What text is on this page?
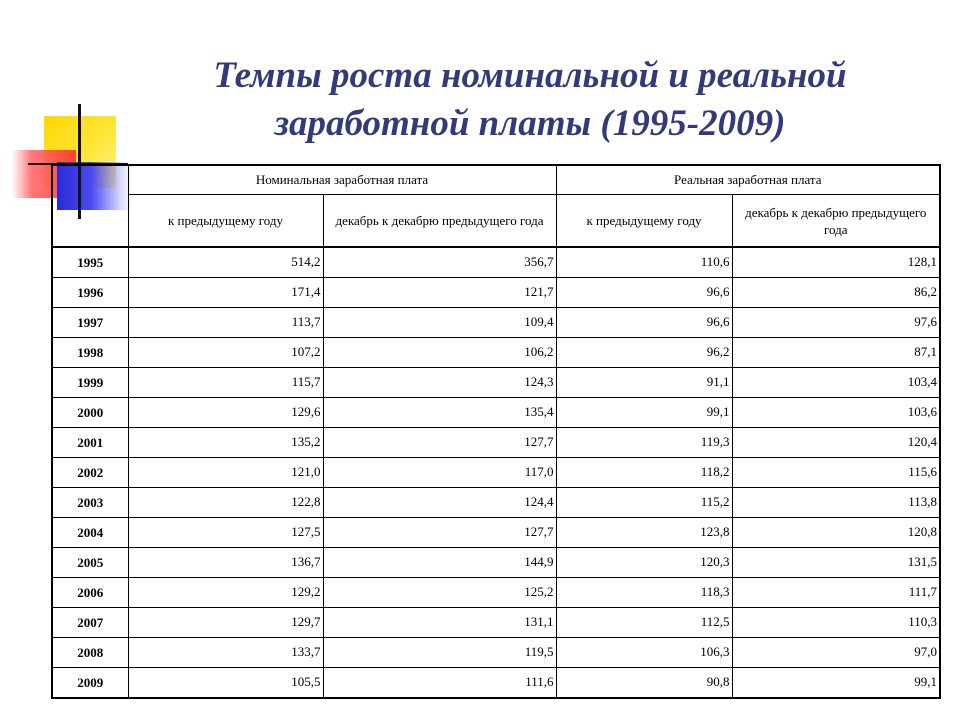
Темпы роста номинальной и реальной
заработной платы (1995-2009)
	Номинальная заработная плата		Реальная заработная плата	
	к предыдущему году	декабрь к декабрю предыдущего года	к предыдущему году	декабрь к декабрю предыдущего года
1995	514,2	356,7	110,6	128,1
1996	171,4	121,7	96,6	86,2
1997	113,7	109,4	96,6	97,6
1998	107,2	106,2	96,2	87,1
1999	115,7	124,3	91,1	103,4
2000	129,6	135,4	99,1	103,6
2001	135,2	127,7	119,3	120,4
2002	121,0	117,0	118,2	115,6
2003	122,8	124,4	115,2	113,8
2004	127,5	127,7	123,8	120,8
2005	136,7	144,9	120,3	131,5
2006	129,2	125,2	118,3	111,7
2007	129,7	131,1	112,5	110,3
2008	133,7	119,5	106,3	97,0
2009	105,5	111,6	90,8	99,1
